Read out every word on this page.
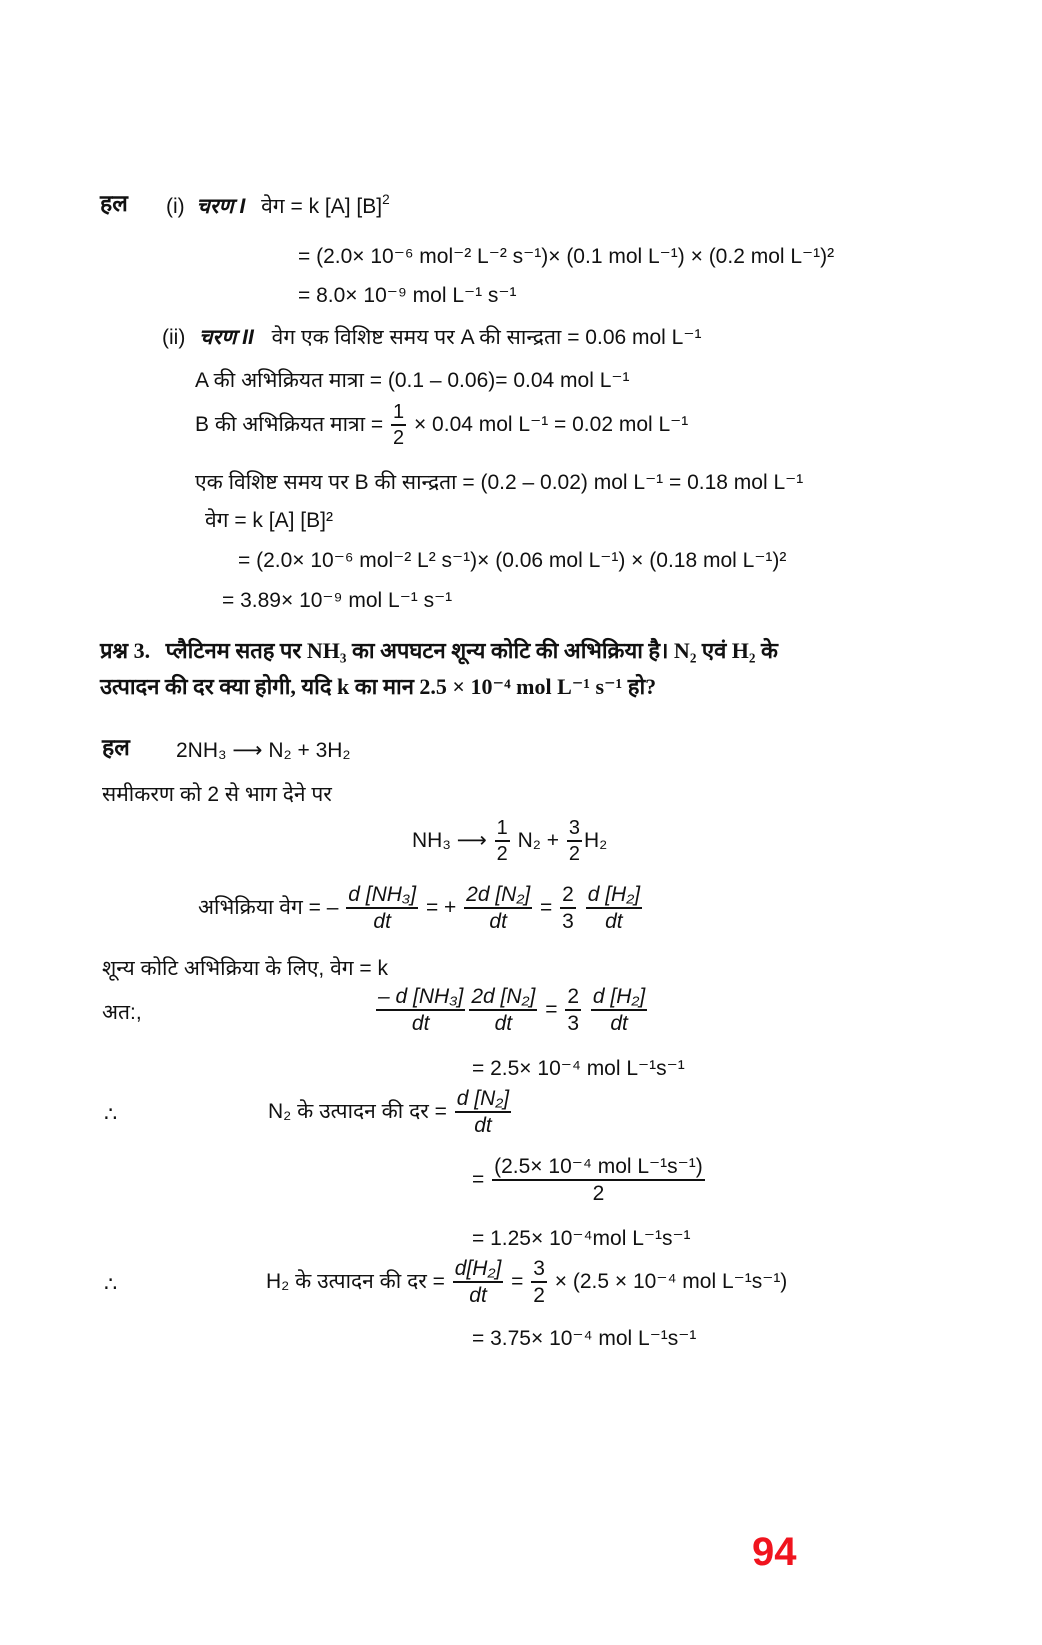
हल (i) चरण I वेग = k [A] $[B]^2$
= (2.0× 10⁻⁶ mol⁻² L⁻² s⁻¹)× (0.1 mol L⁻¹) × (0.2 mol L⁻¹)²
= 8.0× 10⁻⁹ mol L⁻¹ s⁻¹
(ii) चरण II वेग एक विशिष्ट समय पर A की सान्द्रता = 0.06 mol L⁻¹
A की अभिक्रियत मात्रा = (0.1 – 0.06)= 0.04 mol L⁻¹
B की अभिक्रियत मात्रा = $\frac{1}{2} \times 0.04$ mol L⁻¹ = 0.02 mol L⁻¹
एक विशिष्ट समय पर B की सान्द्रता = (0.2 – 0.02) mol L⁻¹ = 0.18 mol L⁻¹
वेग = k [A] [B]²
= (2.0× 10⁻⁶ mol⁻² L² s⁻¹)× (0.06 mol L⁻¹) × (0.18 mol L⁻¹)²
= 3.89× 10⁻⁹ mol L⁻¹ s⁻¹
प्रश्न 3. प्लैटिनम सतह पर NH₃ का अपघटन शून्य कोटि की अभिक्रिया है। N₂ एवं H₂ के
उत्पादन की दर क्या होगी, यदि k का मान 2.5 × 10⁻⁴ mol L⁻¹ s⁻¹ हो?
हल 2NH₃ ⟶ N₂ + 3H₂
समीकरण को 2 से भाग देने पर
NH₃ ⟶ $\frac{1}{2} N_2 + \frac{3}{2} H_2$
अभिक्रिया वेग = – $\frac{\text{d [NH₃]}}{dt}$ = + $\frac{\text{2d [N₂]}}{dt} = \frac{2}{3}$
$\frac{\text{d [H₂]}}{dt}$
शून्य कोटि अभिक्रिया के लिए, वेग = k
अत:,	$\frac{\text{– d [NH₃]}}{dt} \frac{\text{2d [N₂]}}{dt} = \frac{2}{3}$
$\frac{\text{d [H₂]}}{dt}$
= 2.5× 10⁻⁴ mol L⁻¹s⁻¹
∴	N₂ के उत्पादन की दर = $\frac{\text{d [N₂]}}{dt}$
= $\frac{\text{(2.5× 10⁻⁴ mol L⁻¹s⁻¹)}}{2}$
= 1.25× 10⁻⁴mol L⁻¹s⁻¹
∴	H₂ के उत्पादन की दर = $\frac{\text{d[H₂]}}{dt} = \frac{3}{2} \times (2.5 \times 10^{-4}$ mol L⁻¹s⁻¹)
= 3.75× 10⁻⁴ mol L⁻¹s⁻¹
94
